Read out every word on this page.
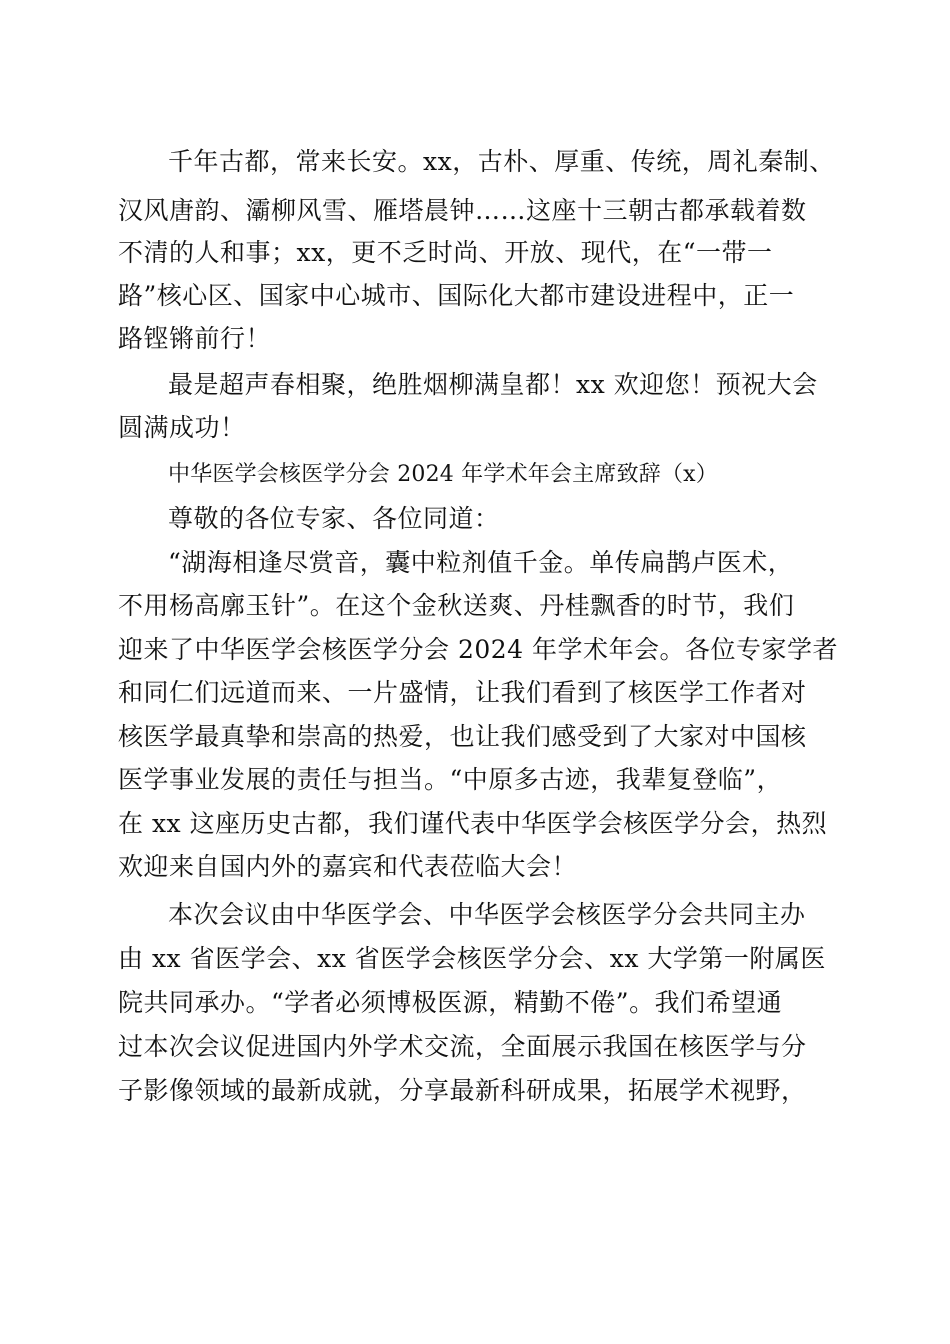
千年古都，常来长安。xx，古朴、厚重、传统，周礼秦制、

汉风唐韵、灞柳风雪、雁塔晨钟……这座十三朝古都承载着数

不清的人和事；xx，更不乏时尚、开放、现代，在“一带一

路”核心区、国家中心城市、国际化大都市建设进程中，正一

路铿锵前行！

最是超声春相聚，绝胜烟柳满皇都！xx 欢迎您！预祝大会

圆满成功！

中华医学会核医学分会 2024 年学术年会主席致辞（x）

尊敬的各位专家、各位同道：

“湖海相逢尽赏音，囊中粒剂值千金。单传扁鹊卢医术，

不用杨高廓玉针”。在这个金秋送爽、丹桂飘香的时节，我们

迎来了中华医学会核医学分会 2024 年学术年会。各位专家学者

和同仁们远道而来、一片盛情，让我们看到了核医学工作者对

核医学最真挚和崇高的热爱，也让我们感受到了大家对中国核

医学事业发展的责任与担当。“中原多古迹，我辈复登临”，

在 xx 这座历史古都，我们谨代表中华医学会核医学分会，热烈

欢迎来自国内外的嘉宾和代表莅临大会！

本次会议由中华医学会、中华医学会核医学分会共同主办

由 xx 省医学会、xx 省医学会核医学分会、xx 大学第一附属医

院共同承办。“学者必须博极医源，精勤不倦”。我们希望通

过本次会议促进国内外学术交流，全面展示我国在核医学与分

子影像领域的最新成就，分享最新科研成果，拓展学术视野，
